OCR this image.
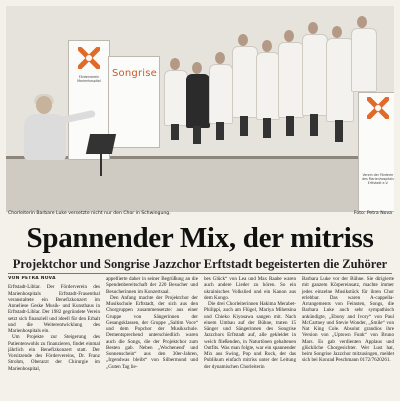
Förderverein Marienhospital
Songrise
Verein der Förderer des Marienhospitals Erftstadt e.V.
Chorleiterin Barbare Luke versetzte nicht nur den Chor in Schwingung.	Foto: Petra Nova
Spannender Mix, der mitriss
Projektchor und Songrise Jazzchor Erftstadt begeisterten die Zuhörer
VON PETRA NOVA

Erftstadt-Liblar. Der Förderverein des Marienhospitals Erftstadt-Frauenthal veranstaltete ein Benefizkonzert im Anneliese Geske Musik- und Kunsthaus in Erftstadt-Liblar. Der 1982 gegründete Verein setzt sich finanziell und ideell für den Erhalt und die Weiterentwicklung des Marienhospitals ein.

Um Projekte zur Steigerung des Patientenwohls zu finanzieren, findet einmal jährlich ein Benefizkonzert statt. Der Vorsitzende des Fördervereins, Dr. Franz Strohm, Oberarzt der Chirurgie im Marienhospital,

appellierte daher in seiner Begrüßung an die Spendenbereitschaft der 220 Besucher und Besucherinnen im Konzertsaal.

Den Anfang machte der Projektchor der Musikschule Erftstadt, der sich aus den Chorgruppen zusammensetzte: aus einer Gruppe von Sängerinnen der Gesangsklassen, der Gruppe „Saltim Voce“ und dem Popchor der Musikschule. Dementsprechend unterschiedlich waren auch die Songs, die der Projektchor zum Besten gab. Neben „Wochenend' und Sonnenschein“ aus den 30er-Jahren, „Irgendwas bleibt“ von Silbermond und „Guten Tag lie-

bes Glück“ von Lea und Max Raabe waren auch andere Lieder zu hören. So ein ukrainisches Volkslied und ein Kanon aus dem Kongo.

Die drei Chorleiterinnen Hakima Merabet-Philippi, auch am Flügel, Mariya Mihetsina und Chieko Kiyosawa sangen mit. Nach einem Umbau auf der Bühne, traten 15 Sänger und Sängerinnen des Songrise Jazzchors Erftstadt auf, alle gekleidet in weich fließenden, in Naturtönen gehaltenen Outfits. Was man folgte, war ein spannender Mix aus Swing, Pop und Rock, der das Publikum einfach mitriss unter der Leitung der dynamischen Chorleiterin

Barbara Luke vor der Bühne. Sie dirigierte mit ganzem Körpereinsatz, machte immer jedes einzelne Musikstück für ihren Chor erlebbar. Das waren A-cappella-Arrangements von Feinsten, Songs, die Barbara Luke auch sehr sympathisch ankündigte, „Ebony and Ivory“ von Paul McCartney und Stevie Wonder, „Smile“ von Nat King Cole. Absolut grandios ihre Version von „Uptown Funk“ von Bruno Mars. Es gab verdienten Applaus und glückliche Chorgesichter. Wer Lust hat, beim Songrise Jazzchor mitzusingen, meldet sich bei Konrad Peschmann 0172/7620261.
